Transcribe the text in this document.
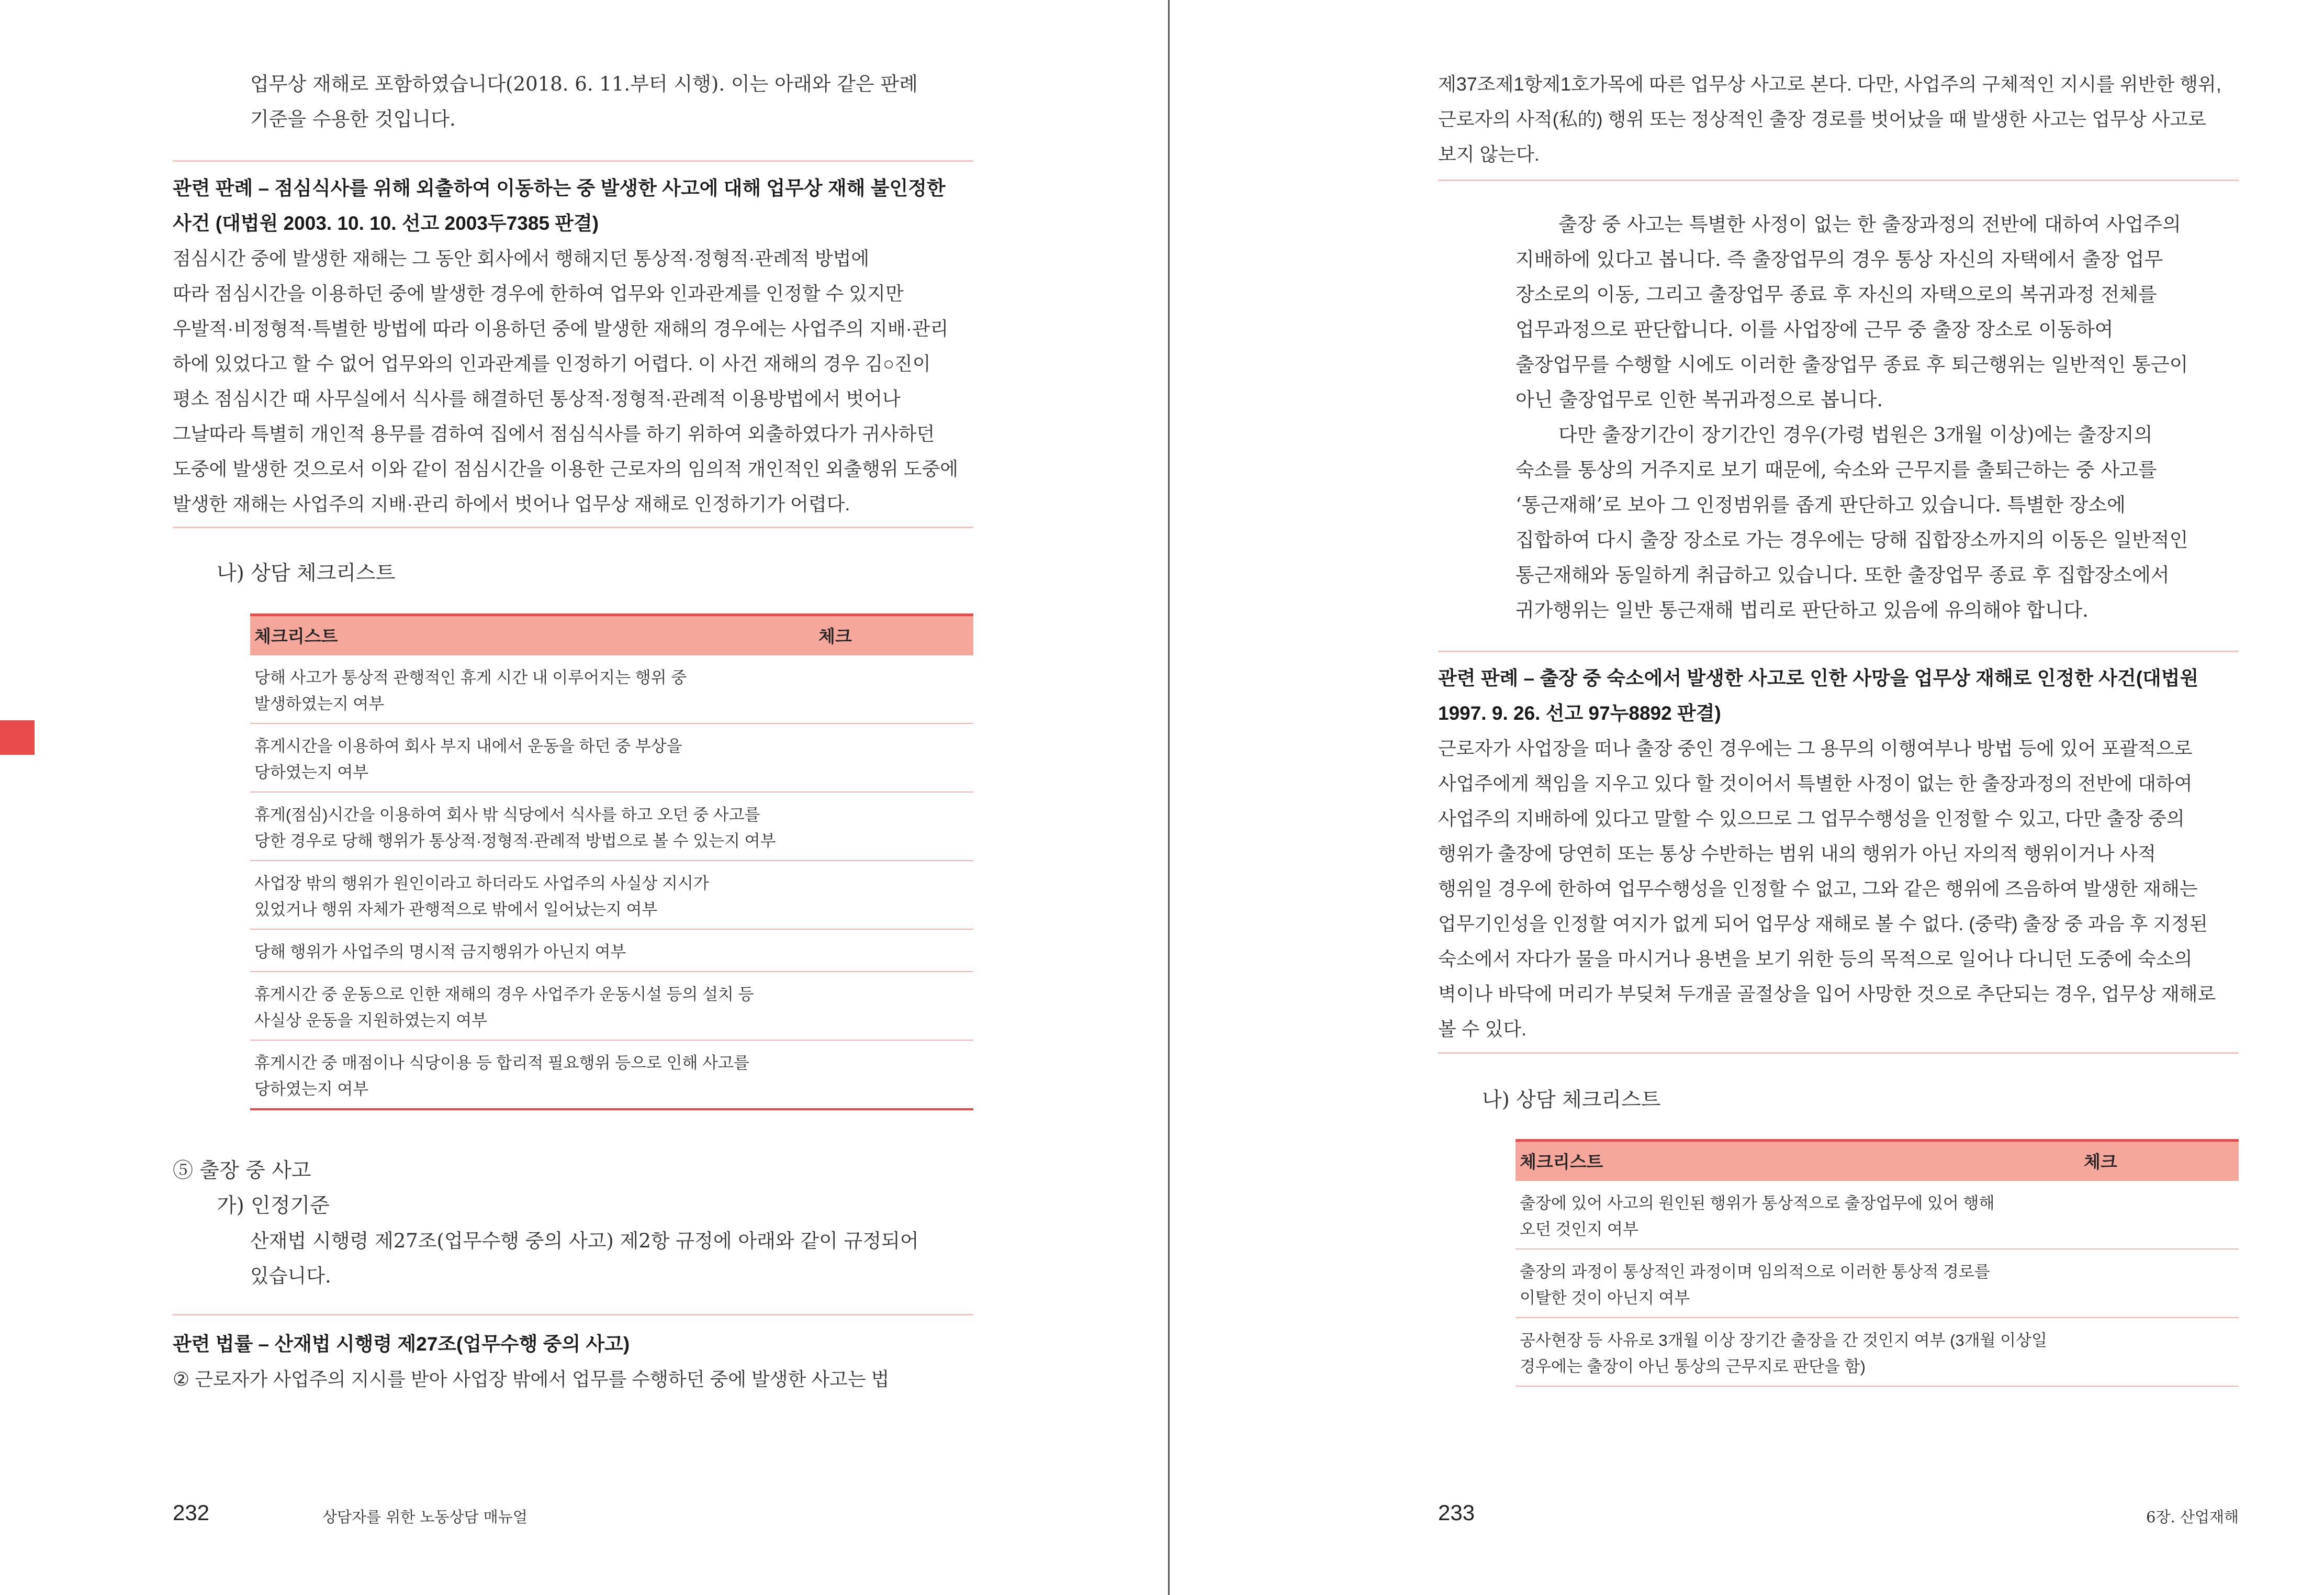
업무상 재해로 포함하였습니다(2018. 6. 11.부터 시행). 이는 아래와 같은 판례

기준을 수용한 것입니다.

관련 판례 – 점심식사를 위해 외출하여 이동하는 중 발생한 사고에 대해 업무상 재해 불인정한

사건 (대법원 2003. 10. 10. 선고 2003두7385 판결)

점심시간 중에 발생한 재해는 그 동안 회사에서 행해지던 통상적·정형적·관례적 방법에

따라 점심시간을 이용하던 중에 발생한 경우에 한하여 업무와 인과관계를 인정할 수 있지만

우발적·비정형적·특별한 방법에 따라 이용하던 중에 발생한 재해의 경우에는 사업주의 지배·관리

하에 있었다고 할 수 없어 업무와의 인과관계를 인정하기 어렵다. 이 사건 재해의 경우 김○진이

평소 점심시간 때 사무실에서 식사를 해결하던 통상적·정형적·관례적 이용방법에서 벗어나

그날따라 특별히 개인적 용무를 겸하여 집에서 점심식사를 하기 위하여 외출하였다가 귀사하던

도중에 발생한 것으로서 이와 같이 점심시간을 이용한 근로자의 임의적 개인적인 외출행위 도중에

발생한 재해는 사업주의 지배·관리 하에서 벗어나 업무상 재해로 인정하기가 어렵다.

나) 상담 체크리스트
체크리스트	체크
당해 사고가 통상적 관행적인 휴게 시간 내 이루어지는 행위 중
발생하였는지 여부
휴게시간을 이용하여 회사 부지 내에서 운동을 하던 중 부상을
당하였는지 여부
휴게(점심)시간을 이용하여 회사 밖 식당에서 식사를 하고 오던 중 사고를
당한 경우로 당해 행위가 통상적·정형적·관례적 방법으로 볼 수 있는지 여부
사업장 밖의 행위가 원인이라고 하더라도 사업주의 사실상 지시가
있었거나 행위 자체가 관행적으로 밖에서 일어났는지 여부
당해 행위가 사업주의 명시적 금지행위가 아닌지 여부
휴게시간 중 운동으로 인한 재해의 경우 사업주가 운동시설 등의 설치 등
사실상 운동을 지원하였는지 여부
휴게시간 중 매점이나 식당이용 등 합리적 필요행위 등으로 인해 사고를
당하였는지 여부
⑤ 출장 중 사고
가) 인정기준

산재법 시행령 제27조(업무수행 중의 사고) 제2항 규정에 아래와 같이 규정되어

있습니다.

관련 법률 – 산재법 시행령 제27조(업무수행 중의 사고)

② 근로자가 사업주의 지시를 받아 사업장 밖에서 업무를 수행하던 중에 발생한 사고는 법

232	상담자를 위한 노동상담 매뉴얼

제37조제1항제1호가목에 따른 업무상 사고로 본다. 다만, 사업주의 구체적인 지시를 위반한 행위,

근로자의 사적(私的) 행위 또는 정상적인 출장 경로를 벗어났을 때 발생한 사고는 업무상 사고로

보지 않는다.

출장 중 사고는 특별한 사정이 없는 한 출장과정의 전반에 대하여 사업주의

지배하에 있다고 봅니다. 즉 출장업무의 경우 통상 자신의 자택에서 출장 업무

장소로의 이동, 그리고 출장업무 종료 후 자신의 자택으로의 복귀과정 전체를

업무과정으로 판단합니다. 이를 사업장에 근무 중 출장 장소로 이동하여

출장업무를 수행할 시에도 이러한 출장업무 종료 후 퇴근행위는 일반적인 통근이

아닌 출장업무로 인한 복귀과정으로 봅니다.

다만 출장기간이 장기간인 경우(가령 법원은 3개월 이상)에는 출장지의

숙소를 통상의 거주지로 보기 때문에, 숙소와 근무지를 출퇴근하는 중 사고를

‘통근재해’로 보아 그 인정범위를 좁게 판단하고 있습니다. 특별한 장소에

집합하여 다시 출장 장소로 가는 경우에는 당해 집합장소까지의 이동은 일반적인

통근재해와 동일하게 취급하고 있습니다. 또한 출장업무 종료 후 집합장소에서

귀가행위는 일반 통근재해 법리로 판단하고 있음에 유의해야 합니다.

관련 판례 – 출장 중 숙소에서 발생한 사고로 인한 사망을 업무상 재해로 인정한 사건(대법원

1997. 9. 26. 선고 97누8892 판결)

근로자가 사업장을 떠나 출장 중인 경우에는 그 용무의 이행여부나 방법 등에 있어 포괄적으로

사업주에게 책임을 지우고 있다 할 것이어서 특별한 사정이 없는 한 출장과정의 전반에 대하여

사업주의 지배하에 있다고 말할 수 있으므로 그 업무수행성을 인정할 수 있고, 다만 출장 중의

행위가 출장에 당연히 또는 통상 수반하는 범위 내의 행위가 아닌 자의적 행위이거나 사적

행위일 경우에 한하여 업무수행성을 인정할 수 없고, 그와 같은 행위에 즈음하여 발생한 재해는

업무기인성을 인정할 여지가 없게 되어 업무상 재해로 볼 수 없다. (중략) 출장 중 과음 후 지정된

숙소에서 자다가 물을 마시거나 용변을 보기 위한 등의 목적으로 일어나 다니던 도중에 숙소의

벽이나 바닥에 머리가 부딪쳐 두개골 골절상을 입어 사망한 것으로 추단되는 경우, 업무상 재해로

볼 수 있다.

나) 상담 체크리스트
체크리스트	체크
출장에 있어 사고의 원인된 행위가 통상적으로 출장업무에 있어 행해
오던 것인지 여부
출장의 과정이 통상적인 과정이며 임의적으로 이러한 통상적 경로를
이탈한 것이 아닌지 여부
공사현장 등 사유로 3개월 이상 장기간 출장을 간 것인지 여부 (3개월 이상일
경우에는 출장이 아닌 통상의 근무지로 판단을 함)
233	6장. 산업재해
